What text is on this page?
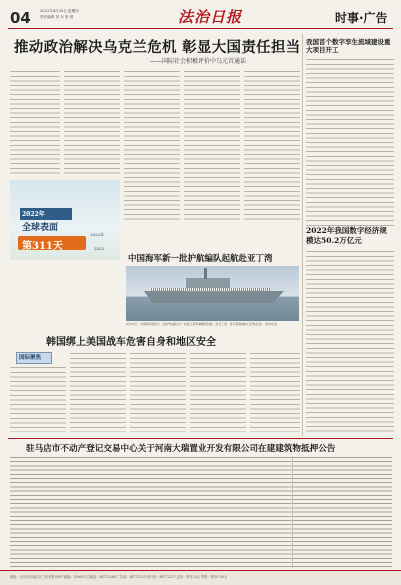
04	2022年4月28日 星期四
责任编辑 刘 东 张 婷	法治日报	时事·广告
推动政治解决乌克兰危机 彰显大国责任担当
——国际社会积极评价中乌元首通话
2022年
全球表面
第311天
2022年
2022
我国首个数字孪生流域建设重大项目开工
2022年我国数字经济规模达50.2万亿元
中国海军新一批护航编队起航赴亚丁湾
4月23日，中国海军第四十二批护航编队从广东湛江某军港解缆起航，赴亚丁湾、索马里海域执行护航任务。 新华社发
韩国绑上美国战车危害自身和地区安全
国际聚焦
驻马店市不动产登记交易中心关于河南大瑞置业开发有限公司在建建筑物抵押公告
地址：北京市东城区北三环东路甲6号 邮编：100013 总编室：84772288 广告部：84772222 发行部：84772277 定价：每月32元 零售：每份1.50元
